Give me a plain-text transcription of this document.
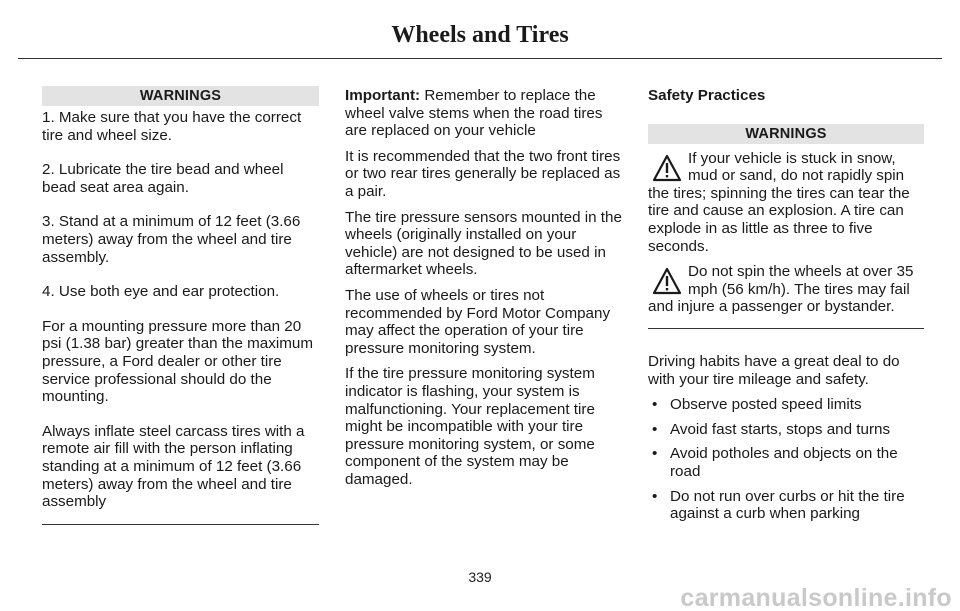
Wheels and Tires
WARNINGS

1. Make sure that you have the correct tire and wheel size.

2. Lubricate the tire bead and wheel bead seat area again.

3. Stand at a minimum of 12 feet (3.66 meters) away from the wheel and tire assembly.

4. Use both eye and ear protection.

For a mounting pressure more than 20 psi (1.38 bar) greater than the maximum pressure, a Ford dealer or other tire service professional should do the mounting.

Always inflate steel carcass tires with a remote air fill with the person inflating standing at a minimum of 12 feet (3.66 meters) away from the wheel and tire assembly

Important: Remember to replace the wheel valve stems when the road tires are replaced on your vehicle

It is recommended that the two front tires or two rear tires generally be replaced as a pair.

The tire pressure sensors mounted in the wheels (originally installed on your vehicle) are not designed to be used in aftermarket wheels.

The use of wheels or tires not recommended by Ford Motor Company may affect the operation of your tire pressure monitoring system.

If the tire pressure monitoring system indicator is flashing, your system is malfunctioning. Your replacement tire might be incompatible with your tire pressure monitoring system, or some component of the system may be damaged.

Safety Practices
WARNINGS
If your vehicle is stuck in snow, mud or sand, do not rapidly spin the tires; spinning the tires can tear the tire and cause an explosion. A tire can explode in as little as three to five seconds.
Do not spin the wheels at over 35 mph (56 km/h). The tires may fail and injure a passenger or bystander.

Driving habits have a great deal to do with your tire mileage and safety.

• Observe posted speed limits
• Avoid fast starts, stops and turns
• Avoid potholes and objects on the road
• Do not run over curbs or hit the tire against a curb when parking
339
carmanualsonline.info
